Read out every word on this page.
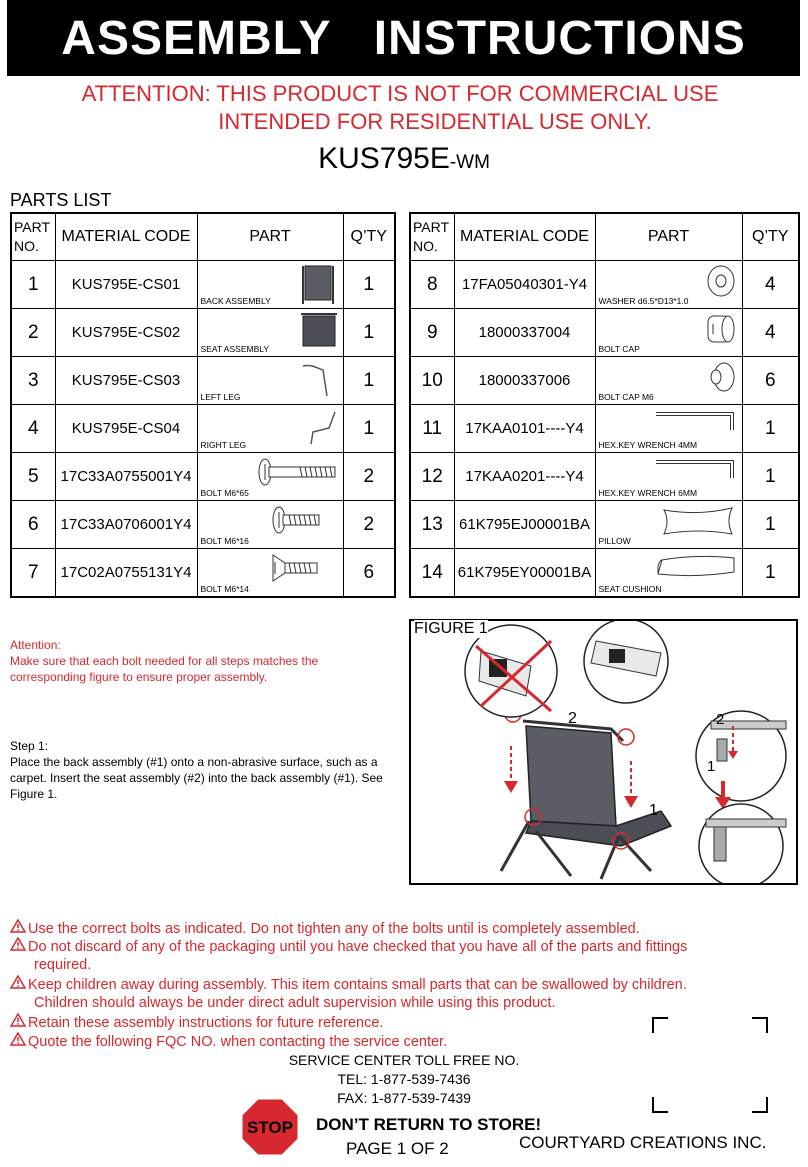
ASSEMBLY   INSTRUCTIONS
ATTENTION: THIS PRODUCT IS NOT FOR COMMERCIAL USE
INTENDED FOR RESIDENTIAL USE ONLY.
KUS795E-WM
PARTS LIST
PART
NO.	MATERIAL CODE	PART	Q’TY
1	KUS795E-CS01	BACK ASSEMBLY	1
2	KUS795E-CS02	SEAT ASSEMBLY	1
3	KUS795E-CS03	LEFT LEG	1
4	KUS795E-CS04	RIGHT LEG	1
5	17C33A0755001Y4	BOLT M6*65	2
6	17C33A0706001Y4	BOLT M6*16	2
7	17C02A0755131Y4	BOLT M6*14	6
PART
NO.	MATERIAL CODE	PART	Q’TY
8	17FA05040301-Y4	WASHER d6.5*D13*1.0	4
9	18000337004	BOLT CAP	4
10	18000337006	BOLT CAP M6	6
11	17KAA0101----Y4	HEX.KEY WRENCH 4MM	1
12	17KAA0201----Y4	HEX.KEY WRENCH 6MM	1
13	61K795EJ00001BA	PILLOW	1
14	61K795EY00001BA	SEAT CUSHION	1
Attention:
Make sure that each bolt needed for all steps matches the corresponding figure to ensure proper assembly.
Step 1:
Place the back assembly (#1) onto a non-abrasive surface, such as a carpet. Insert the seat assembly (#2) into the back assembly (#1). See Figure 1.
2
1
2
1
FIGURE 1
Use the correct bolts as indicated. Do not tighten any of the bolts until is completely assembled.
Do not discard of any of the packaging until you have checked that you have all of the parts and fittings
required.
Keep children away during assembly. This item contains small parts that can be swallowed by children.
Children should always be under direct adult supervision while using this product.
Retain these assembly instructions for future reference.
Quote the following FQC NO. when contacting the service center.
SERVICE CENTER TOLL FREE NO.
TEL: 1-877-539-7436
FAX: 1-877-539-7439
STOP DON’T RETURN TO STORE!
PAGE 1 OF 2	COURTYARD CREATIONS INC.
